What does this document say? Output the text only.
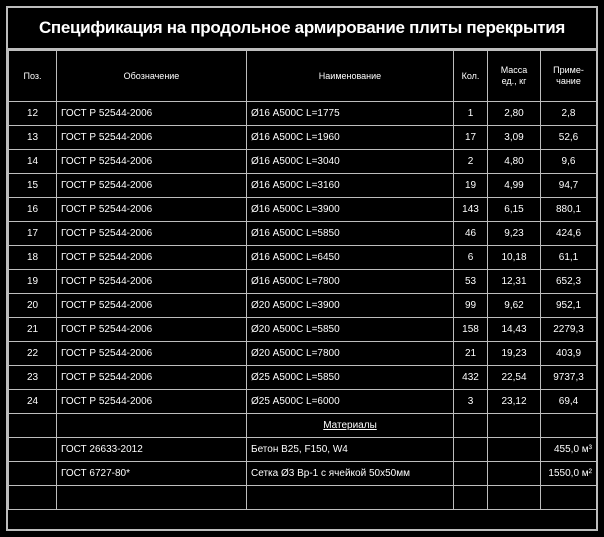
Спецификация на продольное армирование плиты перекрытия
Поз.	Обозначение	Наименование	Кол.	Масса ед., кг	Приме-чание
12	ГОСТ Р 52544-2006	Ø16 А500С L=1775	1	2,80	2,8
13	ГОСТ Р 52544-2006	Ø16 А500С L=1960	17	3,09	52,6
14	ГОСТ Р 52544-2006	Ø16 А500С L=3040	2	4,80	9,6
15	ГОСТ Р 52544-2006	Ø16 А500С L=3160	19	4,99	94,7
16	ГОСТ Р 52544-2006	Ø16 А500С L=3900	143	6,15	880,1
17	ГОСТ Р 52544-2006	Ø16 А500С L=5850	46	9,23	424,6
18	ГОСТ Р 52544-2006	Ø16 А500С L=6450	6	10,18	61,1
19	ГОСТ Р 52544-2006	Ø16 А500С L=7800	53	12,31	652,3
20	ГОСТ Р 52544-2006	Ø20 А500С L=3900	99	9,62	952,1
21	ГОСТ Р 52544-2006	Ø20 А500С L=5850	158	14,43	2279,3
22	ГОСТ Р 52544-2006	Ø20 А500С L=7800	21	19,23	403,9
23	ГОСТ Р 52544-2006	Ø25 А500С L=5850	432	22,54	9737,3
24	ГОСТ Р 52544-2006	Ø25 А500С L=6000	3	23,12	69,4
		Материалы			
	ГОСТ 26633-2012	Бетон В25, F150, W4			455,0 м³
	ГОСТ 6727-80*	Сетка Ø3 Вр-1 с ячейкой 50х50мм			1550,0 м²
